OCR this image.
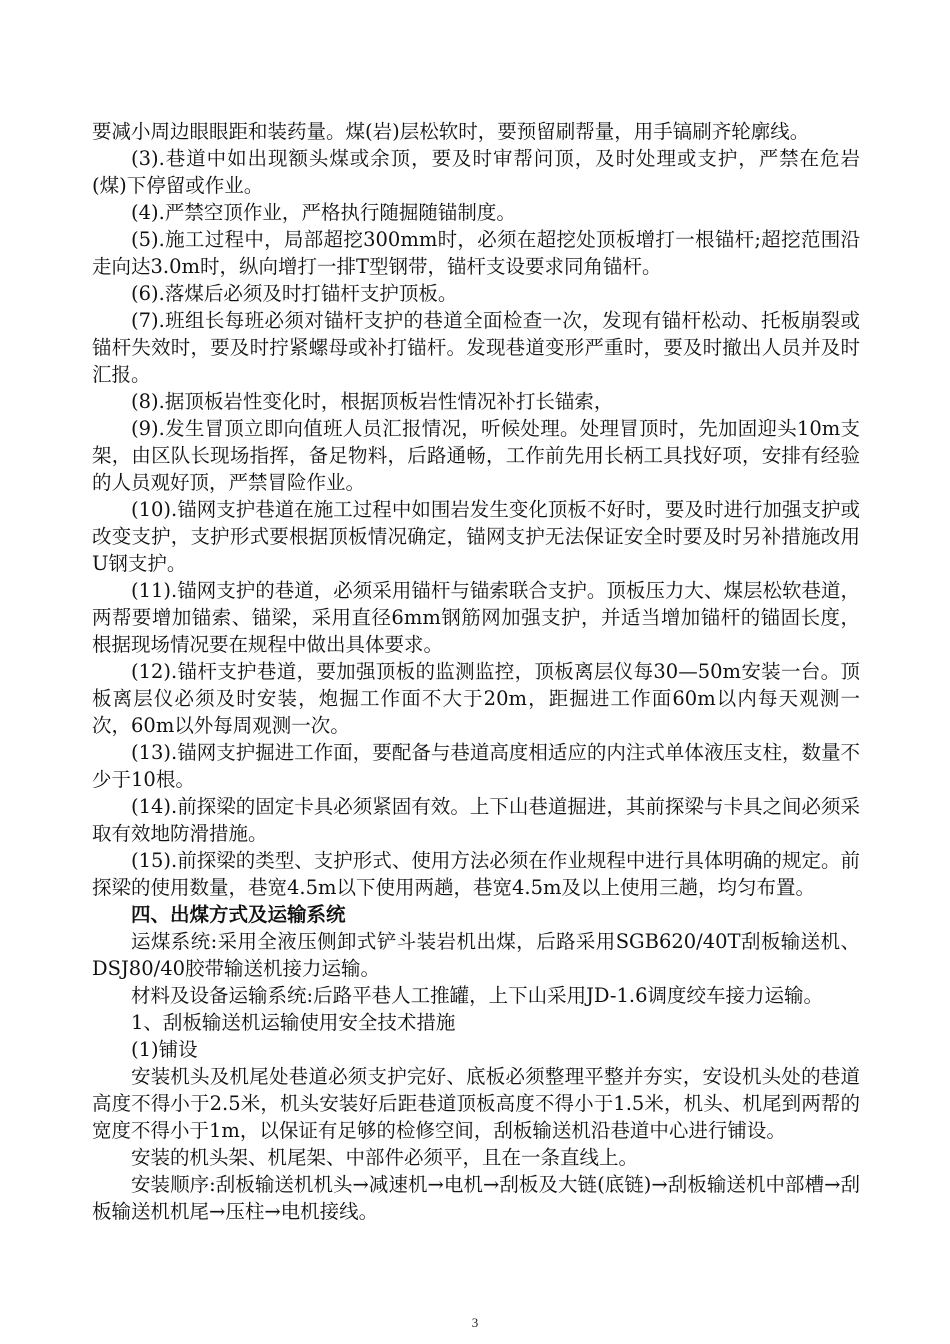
要减小周边眼眼距和装药量。煤(岩)层松软时，要预留刷帮量，用手镐刷齐轮廓线。

(3).巷道中如出现额头煤或余顶，要及时审帮问顶，及时处理或支护，严禁在危岩(煤)下停留或作业。

(4).严禁空顶作业，严格执行随掘随锚制度。

(5).施工过程中，局部超挖300mm时，必须在超挖处顶板增打一根锚杆;超挖范围沿走向达3.0m时，纵向增打一排T型钢带，锚杆支设要求同角锚杆。

(6).落煤后必须及时打锚杆支护顶板。

(7).班组长每班必须对锚杆支护的巷道全面检查一次，发现有锚杆松动、托板崩裂或锚杆失效时，要及时拧紧螺母或补打锚杆。发现巷道变形严重时，要及时撤出人员并及时汇报。

(8).据顶板岩性变化时，根据顶板岩性情况补打长锚索，

(9).发生冒顶立即向值班人员汇报情况，听候处理。处理冒顶时，先加固迎头10m支架，由区队长现场指挥，备足物料，后路通畅，工作前先用长柄工具找好项，安排有经验的人员观好顶，严禁冒险作业。

(10).锚网支护巷道在施工过程中如围岩发生变化顶板不好时，要及时进行加强支护或改变支护，支护形式要根据顶板情况确定，锚网支护无法保证安全时要及时另补措施改用U钢支护。

(11).锚网支护的巷道，必须采用锚杆与锚索联合支护。顶板压力大、煤层松软巷道，两帮要增加锚索、锚梁，采用直径6mm钢筋网加强支护，并适当增加锚杆的锚固长度，根据现场情况要在规程中做出具体要求。

(12).锚杆支护巷道，要加强顶板的监测监控，顶板离层仪每30—50m安装一台。顶板离层仪必须及时安装，炮掘工作面不大于20m，距掘进工作面60m以内每天观测一次，60m以外每周观测一次。

(13).锚网支护掘进工作面，要配备与巷道高度相适应的内注式单体液压支柱，数量不少于10根。

(14).前探梁的固定卡具必须紧固有效。上下山巷道掘进，其前探梁与卡具之间必须采取有效地防滑措施。

(15).前探梁的类型、支护形式、使用方法必须在作业规程中进行具体明确的规定。前探梁的使用数量，巷宽4.5m以下使用两趟，巷宽4.5m及以上使用三趟，均匀布置。

四、出煤方式及运输系统

运煤系统:采用全液压侧卸式铲斗装岩机出煤，后路采用SGB620/40T刮板输送机、DSJ80/40胶带输送机接力运输。

材料及设备运输系统:后路平巷人工推罐，上下山采用JD-1.6调度绞车接力运输。

1、刮板输送机运输使用安全技术措施

(1)铺设

安装机头及机尾处巷道必须支护完好、底板必须整理平整并夯实，安设机头处的巷道高度不得小于2.5米，机头安装好后距巷道顶板高度不得小于1.5米，机头、机尾到两帮的宽度不得小于1m，以保证有足够的检修空间，刮板输送机沿巷道中心进行铺设。

安装的机头架、机尾架、中部件必须平，且在一条直线上。

安装顺序:刮板输送机机头→减速机→电机→刮板及大链(底链)→刮板输送机中部槽→刮板输送机机尾→压柱→电机接线。

3
